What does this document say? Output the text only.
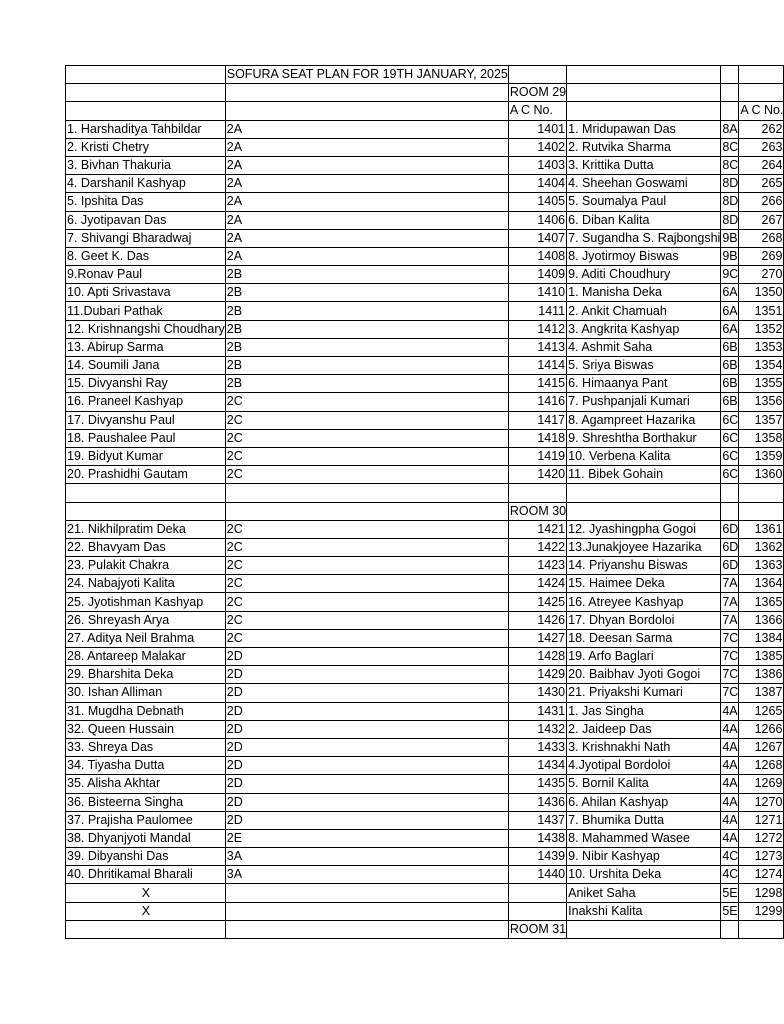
	SOFURA SEAT PLAN FOR 19TH JANUARY, 2025				
		ROOM 29			
		A C No.			A C No.
1. Harshaditya Tahbildar	2A	1401	1. Mridupawan Das	8A	262
2. Kristi Chetry	2A	1402	2. Rutvika Sharma	8C	263
3. Bivhan Thakuria	2A	1403	3. Krittika Dutta	8C	264
4. Darshanil Kashyap	2A	1404	4. Sheehan Goswami	8D	265
5. Ipshita Das	2A	1405	5. Soumalya Paul	8D	266
6. Jyotipavan Das	2A	1406	6. Diban Kalita	8D	267
7. Shivangi Bharadwaj	2A	1407	7. Sugandha S. Rajbongshi	9B	268
8. Geet K. Das	2A	1408	8. Jyotirmoy Biswas	9B	269
9.Ronav Paul	2B	1409	9. Aditi Choudhury	9C	270
10. Apti Srivastava	2B	1410	1. Manisha Deka	6A	1350
11.Dubari Pathak	2B	1411	2. Ankit Chamuah	6A	1351
12. Krishnangshi Choudhary	2B	1412	3. Angkrita Kashyap	6A	1352
13. Abirup Sarma	2B	1413	4. Ashmit Saha	6B	1353
14. Soumili Jana	2B	1414	5. Sriya Biswas	6B	1354
15. Divyanshi Ray	2B	1415	6. Himaanya Pant	6B	1355
16. Praneel Kashyap	2C	1416	7. Pushpanjali Kumari	6B	1356
17. Divyanshu Paul	2C	1417	8. Agampreet Hazarika	6C	1357
18. Paushalee Paul	2C	1418	9. Shreshtha Borthakur	6C	1358
19. Bidyut Kumar	2C	1419	10. Verbena Kalita	6C	1359
20. Prashidhi Gautam	2C	1420	11. Bibek Gohain	6C	1360

		ROOM 30			
21. Nikhilpratim Deka	2C	1421	12. Jyashingpha Gogoi	6D	1361
22. Bhavyam Das	2C	1422	13.Junakjoyee Hazarika	6D	1362
23. Pulakit Chakra	2C	1423	14. Priyanshu Biswas	6D	1363
24. Nabajyoti Kalita	2C	1424	15. Haimee Deka	7A	1364
25. Jyotishman Kashyap	2C	1425	16. Atreyee Kashyap	7A	1365
26. Shreyash Arya	2C	1426	17. Dhyan Bordoloi	7A	1366
27. Aditya Neil Brahma	2C	1427	18. Deesan Sarma	7C	1384
28. Antareep Malakar	2D	1428	19. Arfo Baglari	7C	1385
29. Bharshita Deka	2D	1429	20. Baibhav Jyoti Gogoi	7C	1386
30. Ishan Alliman	2D	1430	21. Priyakshi Kumari	7C	1387
31. Mugdha Debnath	2D	1431	1. Jas Singha	4A	1265
32. Queen Hussain	2D	1432	2. Jaideep Das	4A	1266
33. Shreya Das	2D	1433	3. Krishnakhi Nath	4A	1267
34. Tiyasha Dutta	2D	1434	4.Jyotipal Bordoloi	4A	1268
35. Alisha Akhtar	2D	1435	5. Bornil Kalita	4A	1269
36. Bisteerna Singha	2D	1436	6. Ahilan Kashyap	4A	1270
37. Prajisha Paulomee	2D	1437	7. Bhumika Dutta	4A	1271
38. Dhyanjyoti Mandal	2E	1438	8. Mahammed Wasee	4A	1272
39. Dibyanshi Das	3A	1439	9. Nibir Kashyap	4C	1273
40. Dhritikamal Bharali	3A	1440	10. Urshita Deka	4C	1274
X			Aniket Saha	5E	1298
X			Inakshi Kalita	5E	1299
		ROOM 31			
